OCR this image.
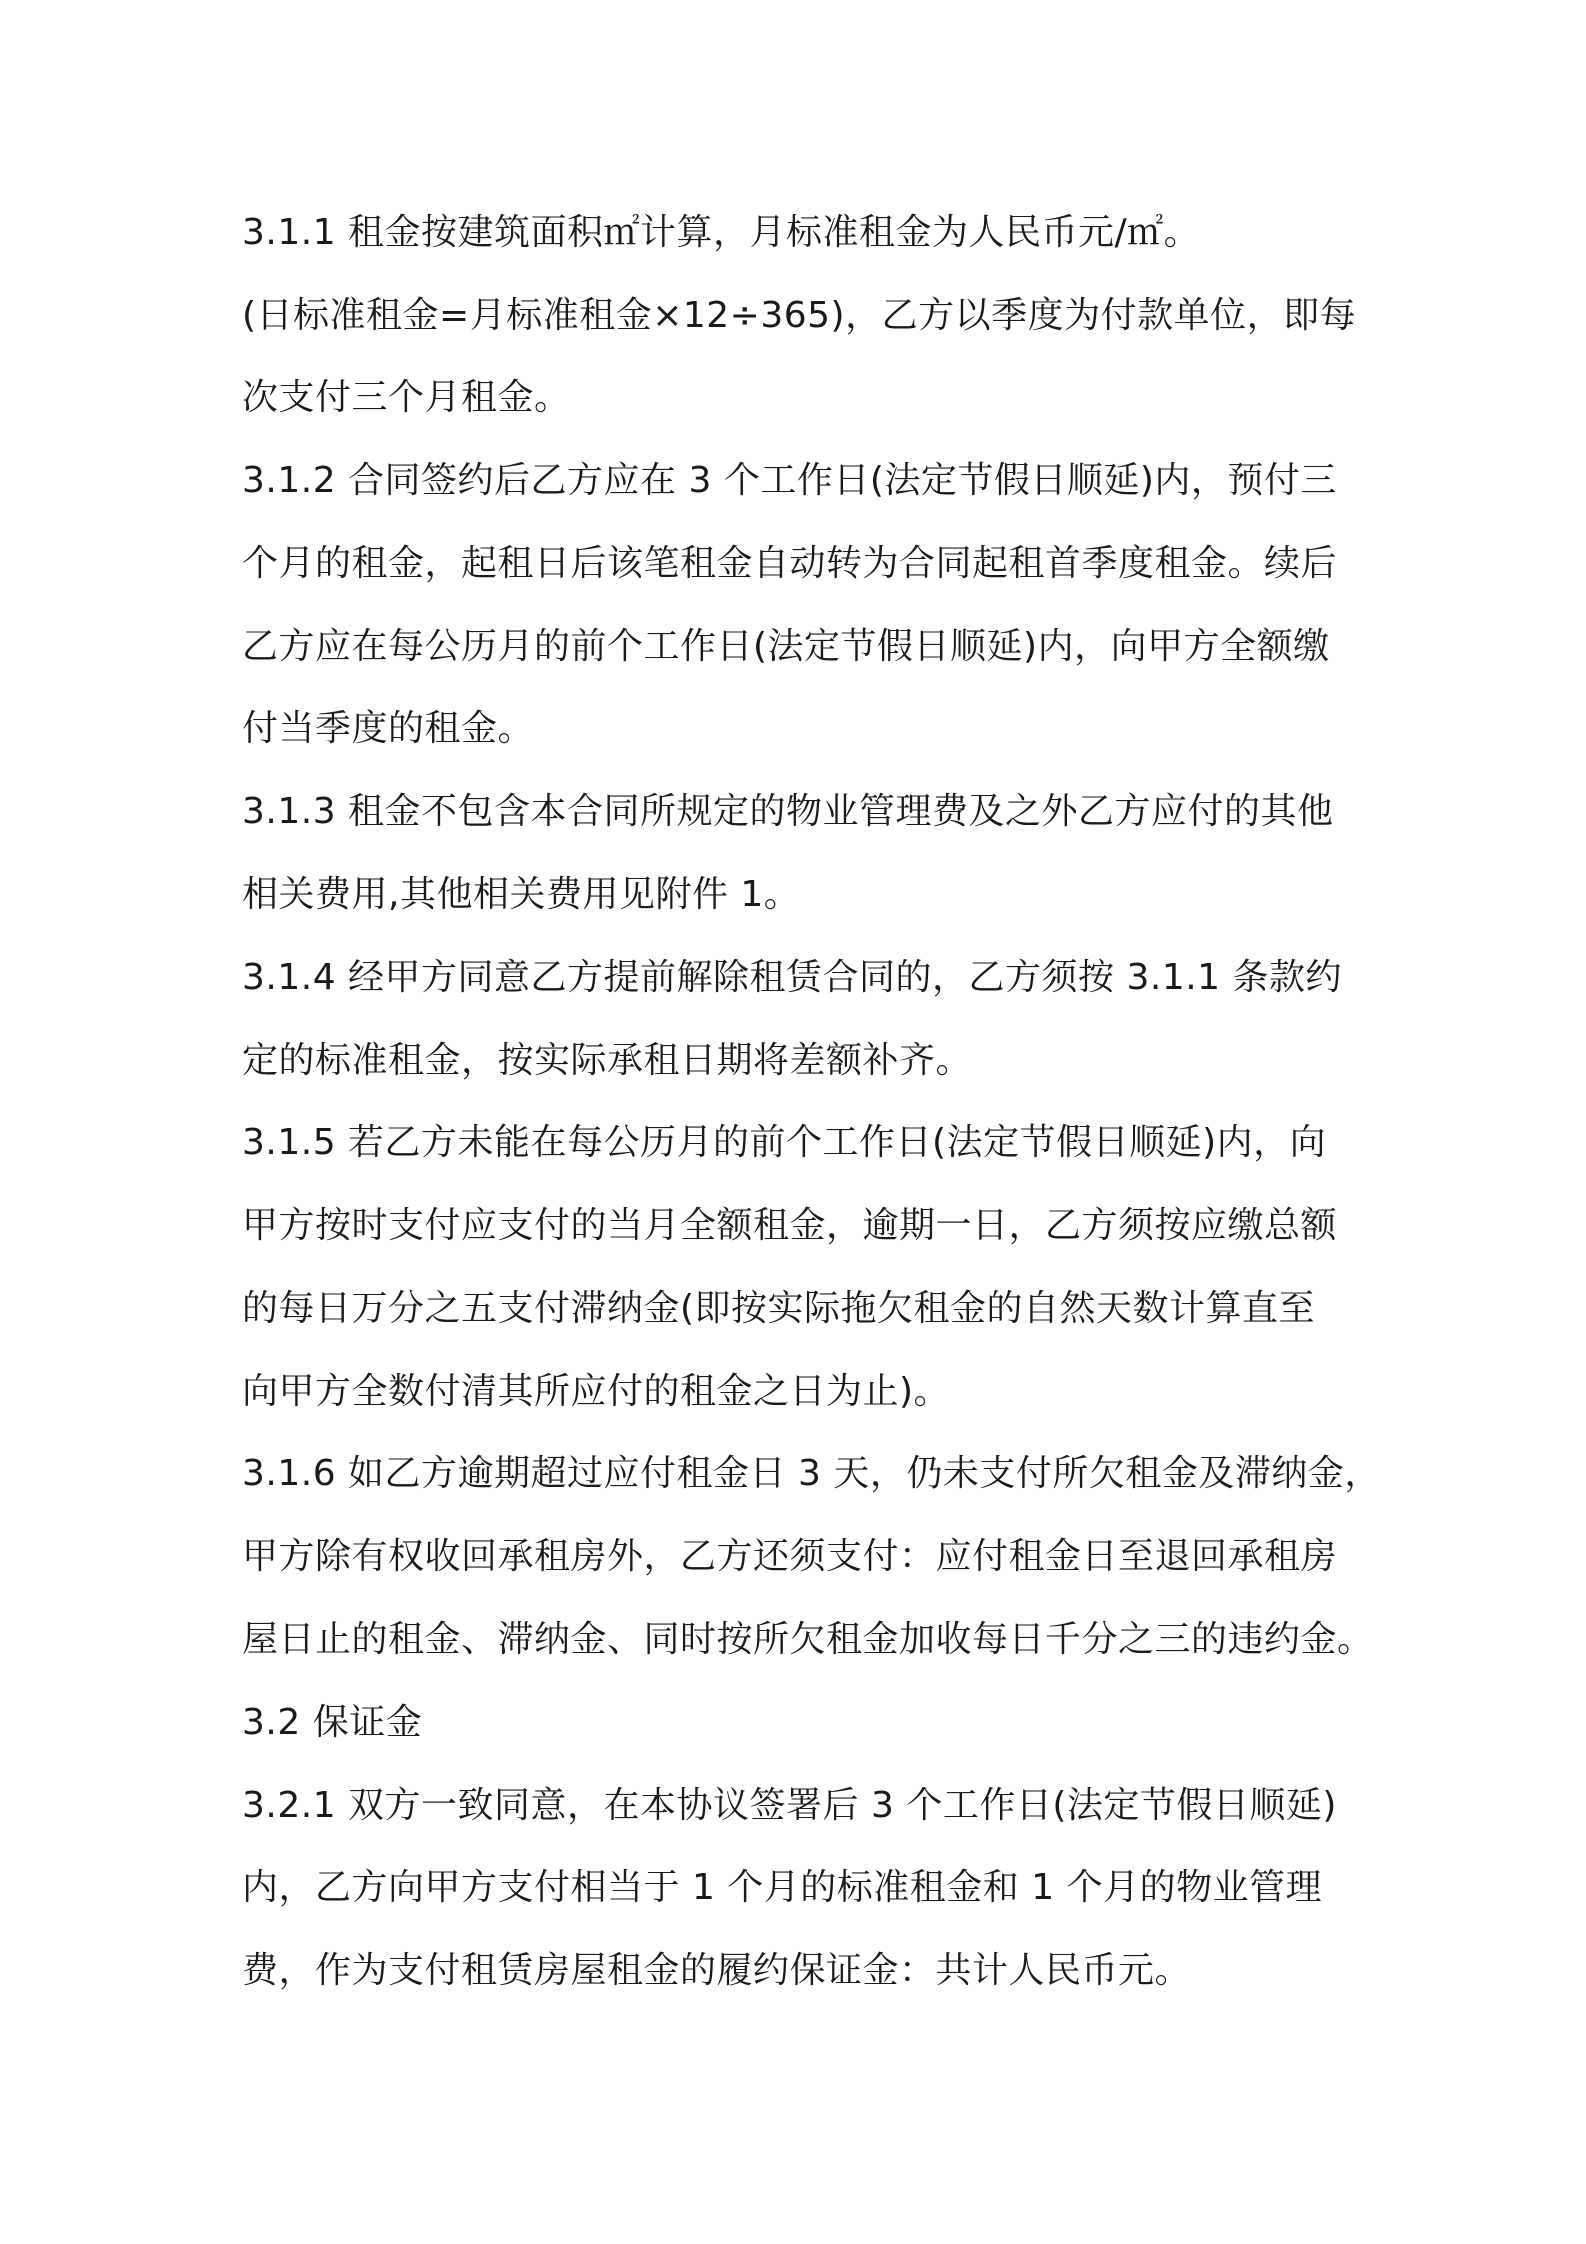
3.1.1 租金按建筑面积㎡计算，月标准租金为人民币元/㎡。
(日标准租金=月标准租金×12÷365)，乙方以季度为付款单位，即每
次支付三个月租金。
3.1.2 合同签约后乙方应在 3 个工作日(法定节假日顺延)内，预付三
个月的租金，起租日后该笔租金自动转为合同起租首季度租金。续后
乙方应在每公历月的前个工作日(法定节假日顺延)内，向甲方全额缴
付当季度的租金。
3.1.3 租金不包含本合同所规定的物业管理费及之外乙方应付的其他
相关费用,其他相关费用见附件 1。
3.1.4 经甲方同意乙方提前解除租赁合同的，乙方须按 3.1.1 条款约
定的标准租金，按实际承租日期将差额补齐。
3.1.5 若乙方未能在每公历月的前个工作日(法定节假日顺延)内，向
甲方按时支付应支付的当月全额租金，逾期一日，乙方须按应缴总额
的每日万分之五支付滞纳金(即按实际拖欠租金的自然天数计算直至
向甲方全数付清其所应付的租金之日为止)。
3.1.6 如乙方逾期超过应付租金日 3 天，仍未支付所欠租金及滞纳金，
甲方除有权收回承租房外，乙方还须支付：应付租金日至退回承租房
屋日止的租金、滞纳金、同时按所欠租金加收每日千分之三的违约金。
3.2 保证金
3.2.1 双方一致同意，在本协议签署后 3 个工作日(法定节假日顺延)
内，乙方向甲方支付相当于 1 个月的标准租金和 1 个月的物业管理
费，作为支付租赁房屋租金的履约保证金：共计人民币元。
